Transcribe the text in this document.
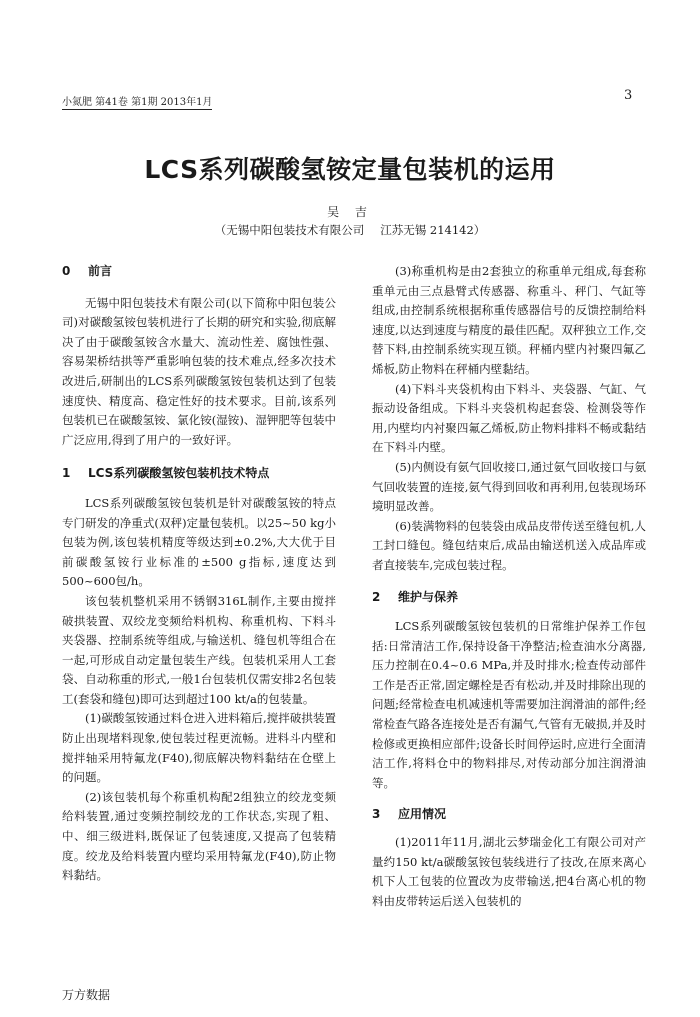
小氮肥 第41卷 第1期 2013年1月	3
LCS系列碳酸氢铵定量包装机的运用
吴 吉
（无锡中阳包装技术有限公司 江苏无锡 214142）
0 前言

无锡中阳包装技术有限公司(以下简称中阳包装公司)对碳酸氢铵包装机进行了长期的研究和实验,彻底解决了由于碳酸氢铵含水量大、流动性差、腐蚀性强、容易架桥结拱等严重影响包装的技术难点,经多次技术改进后,研制出的LCS系列碳酸氢铵包装机达到了包装速度快、精度高、稳定性好的技术要求。目前,该系列包装机已在碳酸氢铵、氯化铵(湿铵)、湿钾肥等包装中广泛应用,得到了用户的一致好评。

1 LCS系列碳酸氢铵包装机技术特点

LCS系列碳酸氢铵包装机是针对碳酸氢铵的特点专门研发的净重式(双秤)定量包装机。以25~50 kg小包装为例,该包装机精度等级达到±0.2%,大大优于目前碳酸氢铵行业标准的±500 g指标,速度达到500~600包/h。

该包装机整机采用不锈钢316L制作,主要由搅拌破拱装置、双绞龙变频给料机构、称重机构、下料斗夹袋器、控制系统等组成,与输送机、缝包机等组合在一起,可形成自动定量包装生产线。包装机采用人工套袋、自动称重的形式,一般1台包装机仅需安排2名包装工(套袋和缝包)即可达到超过100 kt/a的包装量。

(1)碳酸氢铵通过料仓进入进料箱后,搅拌破拱装置防止出现堵料现象,使包装过程更流畅。进料斗内壁和搅拌轴采用特氟龙(F40),彻底解决物料黏结在仓壁上的问题。

(2)该包装机每个称重机构配2组独立的绞龙变频给料装置,通过变频控制绞龙的工作状态,实现了粗、中、细三级进料,既保证了包装速度,又提高了包装精度。绞龙及给料装置内壁均采用特氟龙(F40),防止物料黏结。

(3)称重机构是由2套独立的称重单元组成,每套称重单元由三点悬臂式传感器、称重斗、秤门、气缸等组成,由控制系统根据称重传感器信号的反馈控制给料速度,以达到速度与精度的最佳匹配。双秤独立工作,交替下料,由控制系统实现互锁。秤桶内壁内衬聚四氟乙烯板,防止物料在秤桶内壁黏结。

(4)下料斗夹袋机构由下料斗、夹袋器、气缸、气振动设备组成。下料斗夹袋机构起套袋、检测袋等作用,内壁均内衬聚四氟乙烯板,防止物料排料不畅或黏结在下料斗内壁。

(5)内侧设有氨气回收接口,通过氨气回收接口与氨气回收装置的连接,氨气得到回收和再利用,包装现场环境明显改善。

(6)装满物料的包装袋由成品皮带传送至缝包机,人工封口缝包。缝包结束后,成品由输送机送入成品库或者直接装车,完成包装过程。

2 维护与保养

LCS系列碳酸氢铵包装机的日常维护保养工作包括:日常清洁工作,保持设备干净整洁;检查油水分离器,压力控制在0.4~0.6 MPa,并及时排水;检查传动部件工作是否正常,固定螺栓是否有松动,并及时排除出现的问题;经常检查电机减速机等需要加注润滑油的部件;经常检查气路各连接处是否有漏气,气管有无破损,并及时检修或更换相应部件;设备长时间停运时,应进行全面清洁工作,将料仓中的物料排尽,对传动部分加注润滑油等。

3 应用情况

(1)2011年11月,湖北云梦瑞金化工有限公司对产量约150 kt/a碳酸氢铵包装线进行了技改,在原来离心机下人工包装的位置改为皮带输送,把4台离心机的物料由皮带转运后送入包装机的

万方数据
